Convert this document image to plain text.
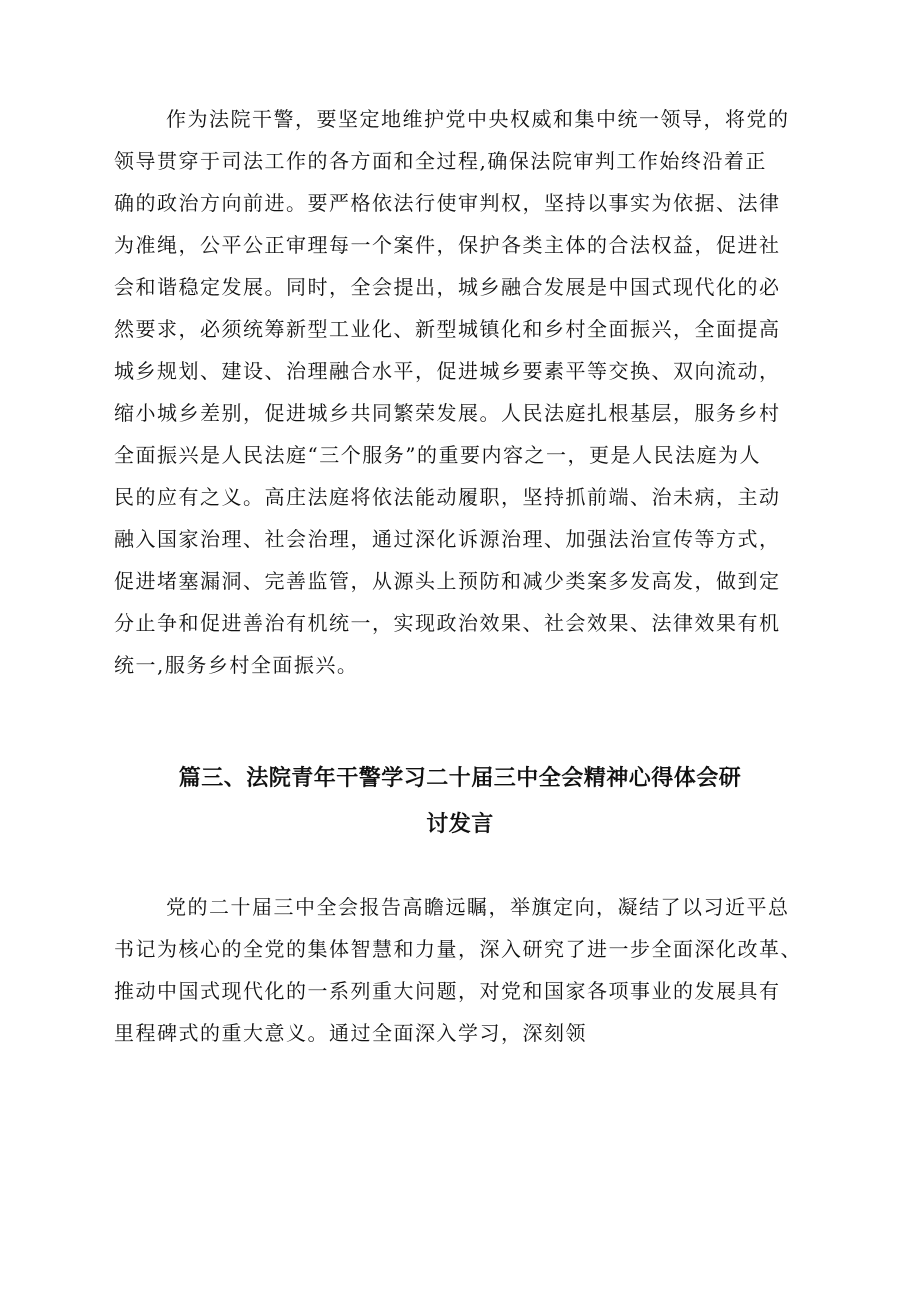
作为法院干警，要坚定地维护党中央权威和集中统一领导，将党的
领导贯穿于司法工作的各方面和全过程,确保法院审判工作始终沿着正
确的政治方向前进。要严格依法行使审判权，坚持以事实为依据、法律
为准绳，公平公正审理每一个案件，保护各类主体的合法权益，促进社
会和谐稳定发展。同时，全会提出，城乡融合发展是中国式现代化的必
然要求，必须统筹新型工业化、新型城镇化和乡村全面振兴，全面提高
城乡规划、建设、治理融合水平，促进城乡要素平等交换、双向流动，
缩小城乡差别，促进城乡共同繁荣发展。人民法庭扎根基层，服务乡村
全面振兴是人民法庭“三个服务”的重要内容之一，更是人民法庭为人
民的应有之义。高庄法庭将依法能动履职，坚持抓前端、治未病，主动
融入国家治理、社会治理，通过深化诉源治理、加强法治宣传等方式，
促进堵塞漏洞、完善监管，从源头上预防和减少类案多发高发，做到定
分止争和促进善治有机统一，实现政治效果、社会效果、法律效果有机
统一,服务乡村全面振兴。
篇三、法院青年干警学习二十届三中全会精神心得体会研
讨发言
党的二十届三中全会报告高瞻远瞩，举旗定向，凝结了以习近平总
书记为核心的全党的集体智慧和力量，深入研究了进一步全面深化改革、
推动中国式现代化的一系列重大问题，对党和国家各项事业的发展具有
里程碑式的重大意义。通过全面深入学习，深刻领
